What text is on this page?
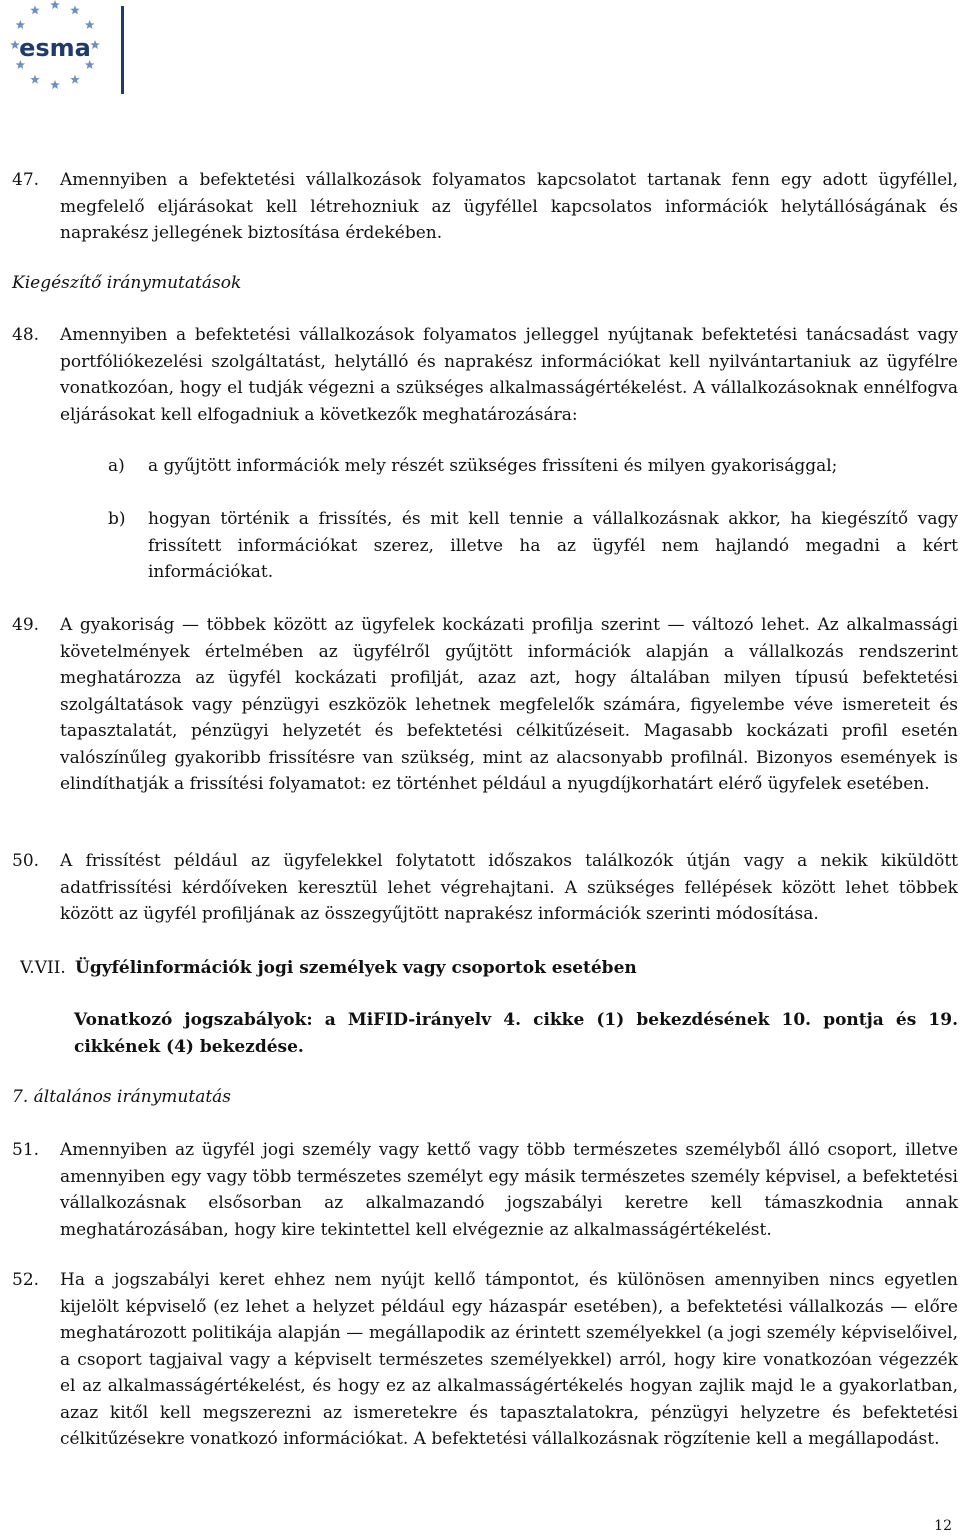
esma
47. Amennyiben a befektetési vállalkozások folyamatos kapcsolatot tartanak fenn egy adott ügyféllel, megfelelő eljárásokat kell létrehozniuk az ügyféllel kapcsolatos információk helytállóságának és naprakész jellegének biztosítása érdekében.
Kiegészítő iránymutatások
48. Amennyiben a befektetési vállalkozások folyamatos jelleggel nyújtanak befektetési tanácsadást vagy portfóliókezelési szolgáltatást, helytálló és naprakész információkat kell nyilvántartaniuk az ügyfélre vonatkozóan, hogy el tudják végezni a szükséges alkalmasságértékelést. A vállalkozásoknak ennélfogva eljárásokat kell elfogadniuk a következők meghatározására:
a) a gyűjtött információk mely részét szükséges frissíteni és milyen gyakorisággal;
b) hogyan történik a frissítés, és mit kell tennie a vállalkozásnak akkor, ha kiegészítő vagy frissített információkat szerez, illetve ha az ügyfél nem hajlandó megadni a kért információkat.
49. A gyakoriság — többek között az ügyfelek kockázati profilja szerint — változó lehet. Az alkalmassági követelmények értelmében az ügyfélről gyűjtött információk alapján a vállalkozás rendszerint meghatározza az ügyfél kockázati profilját, azaz azt, hogy általában milyen típusú befektetési szolgáltatások vagy pénzügyi eszközök lehetnek megfelelők számára, figyelembe véve ismereteit és tapasztalatát, pénzügyi helyzetét és befektetési célkitűzéseit. Magasabb kockázati profil esetén valószínűleg gyakoribb frissítésre van szükség, mint az alacsonyabb profilnál. Bizonyos események is elindíthatják a frissítési folyamatot: ez történhet például a nyugdíjkorhatárt elérő ügyfelek esetében.
50. A frissítést például az ügyfelekkel folytatott időszakos találkozók útján vagy a nekik kiküldött adatfrissítési kérdőíveken keresztül lehet végrehajtani. A szükséges fellépések között lehet többek között az ügyfél profiljának az összegyűjtött naprakész információk szerinti módosítása.
V.VII. Ügyfélinformációk jogi személyek vagy csoportok esetében
Vonatkozó jogszabályok: a MiFID-irányelv 4. cikke (1) bekezdésének 10. pontja és 19. cikkének (4) bekezdése.
7. általános iránymutatás
51. Amennyiben az ügyfél jogi személy vagy kettő vagy több természetes személyből álló csoport, illetve amennyiben egy vagy több természetes személyt egy másik természetes személy képvisel, a befektetési vállalkozásnak elsősorban az alkalmazandó jogszabályi keretre kell támaszkodnia annak meghatározásában, hogy kire tekintettel kell elvégeznie az alkalmasságértékelést.
52. Ha a jogszabályi keret ehhez nem nyújt kellő támpontot, és különösen amennyiben nincs egyetlen kijelölt képviselő (ez lehet a helyzet például egy házaspár esetében), a befektetési vállalkozás — előre meghatározott politikája alapján — megállapodik az érintett személyekkel (a jogi személy képviselőivel, a csoport tagjaival vagy a képviselt természetes személyekkel) arról, hogy kire vonatkozóan végezzék el az alkalmasságértékelést, és hogy ez az alkalmasságértékelés hogyan zajlik majd le a gyakorlatban, azaz kitől kell megszerezni az ismeretekre és tapasztalatokra, pénzügyi helyzetre és befektetési célkitűzésekre vonatkozó információkat. A befektetési vállalkozásnak rögzítenie kell a megállapodást.
12
